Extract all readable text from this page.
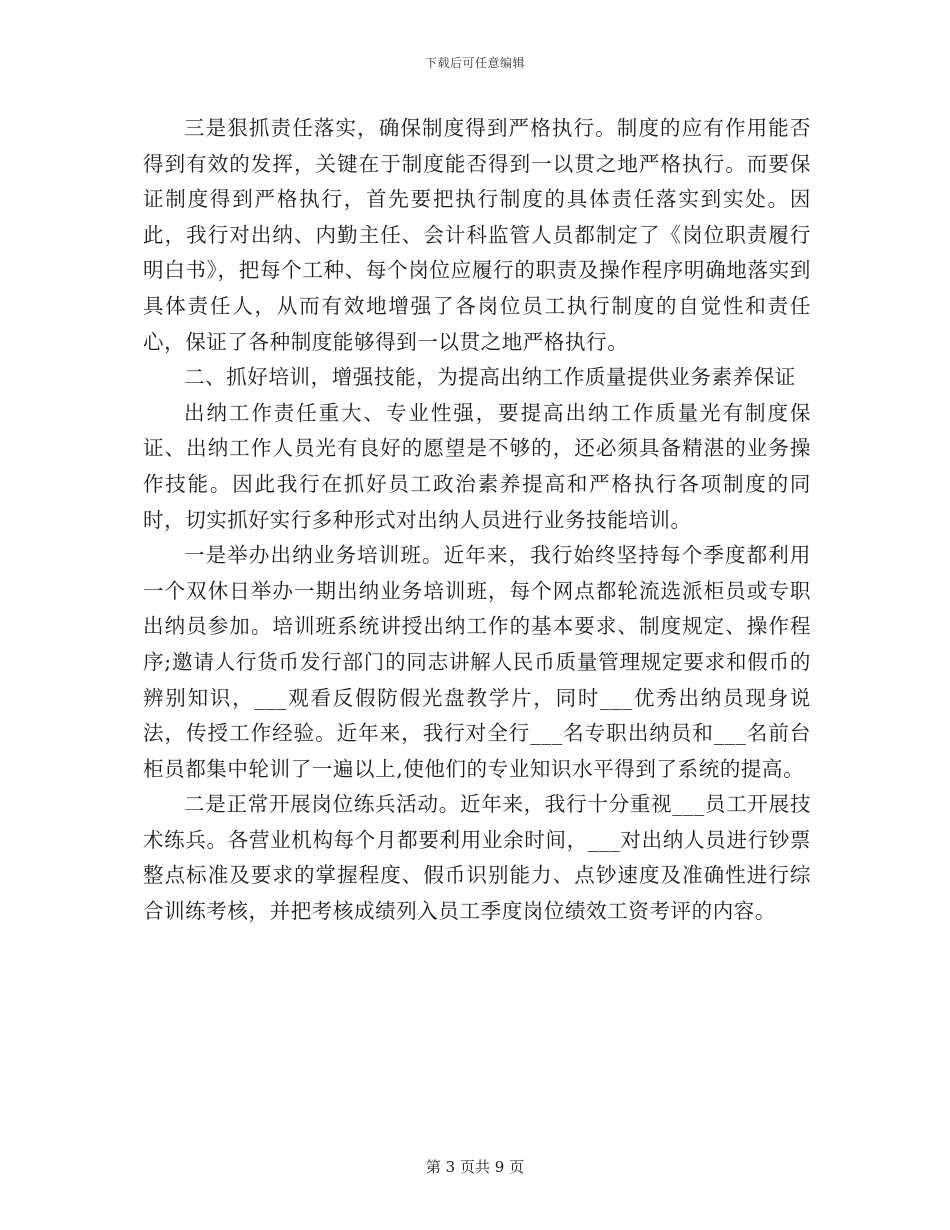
下载后可任意编辑

三是狠抓责任落实，确保制度得到严格执行。制度的应有作用能否得到有效的发挥，关键在于制度能否得到一以贯之地严格执行。而要保证制度得到严格执行，首先要把执行制度的具体责任落实到实处。因此，我行对出纳、内勤主任、会计科监管人员都制定了《岗位职责履行明白书》，把每个工种、每个岗位应履行的职责及操作程序明确地落实到具体责任人，从而有效地增强了各岗位员工执行制度的自觉性和责任心，保证了各种制度能够得到一以贯之地严格执行。

二、抓好培训，增强技能，为提高出纳工作质量提供业务素养保证

出纳工作责任重大、专业性强，要提高出纳工作质量光有制度保证、出纳工作人员光有良好的愿望是不够的，还必须具备精湛的业务操作技能。因此我行在抓好员工政治素养提高和严格执行各项制度的同时，切实抓好实行多种形式对出纳人员进行业务技能培训。

一是举办出纳业务培训班。近年来，我行始终坚持每个季度都利用一个双休日举办一期出纳业务培训班，每个网点都轮流选派柜员或专职出纳员参加。培训班系统讲授出纳工作的基本要求、制度规定、操作程序;邀请人行货币发行部门的同志讲解人民币质量管理规定要求和假币的辨别知识，___观看反假防假光盘教学片，同时___优秀出纳员现身说法，传授工作经验。近年来，我行对全行___名专职出纳员和___名前台柜员都集中轮训了一遍以上,使他们的专业知识水平得到了系统的提高。

二是正常开展岗位练兵活动。近年来，我行十分重视___员工开展技术练兵。各营业机构每个月都要利用业余时间，___对出纳人员进行钞票整点标准及要求的掌握程度、假币识别能力、点钞速度及准确性进行综合训练考核，并把考核成绩列入员工季度岗位绩效工资考评的内容。

第 3 页共 9 页
